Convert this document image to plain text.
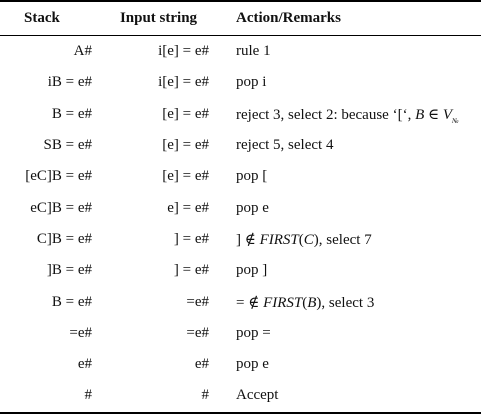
Stack	Input string	Action/Remarks
A#	i[e] = e#	rule 1
iB = e#	i[e] = e#	pop i
B = e#	[e] = e#	reject 3, select 2: because ‘[‘, B ∈ $V_№$
SB = e#	[e] = e#	reject 5, select 4
[eC]B = e#	[e] = e#	pop [
eC]B = e#	e] = e#	pop e
C]B = e#	] = e#	] ∉ FIRST(C), select 7
]B = e#	] = e#	pop ]
B = e#	=e#	= ∉ FIRST(B), select 3
=e#	=e#	pop =
e#	e#	pop e
#	#	Accept
